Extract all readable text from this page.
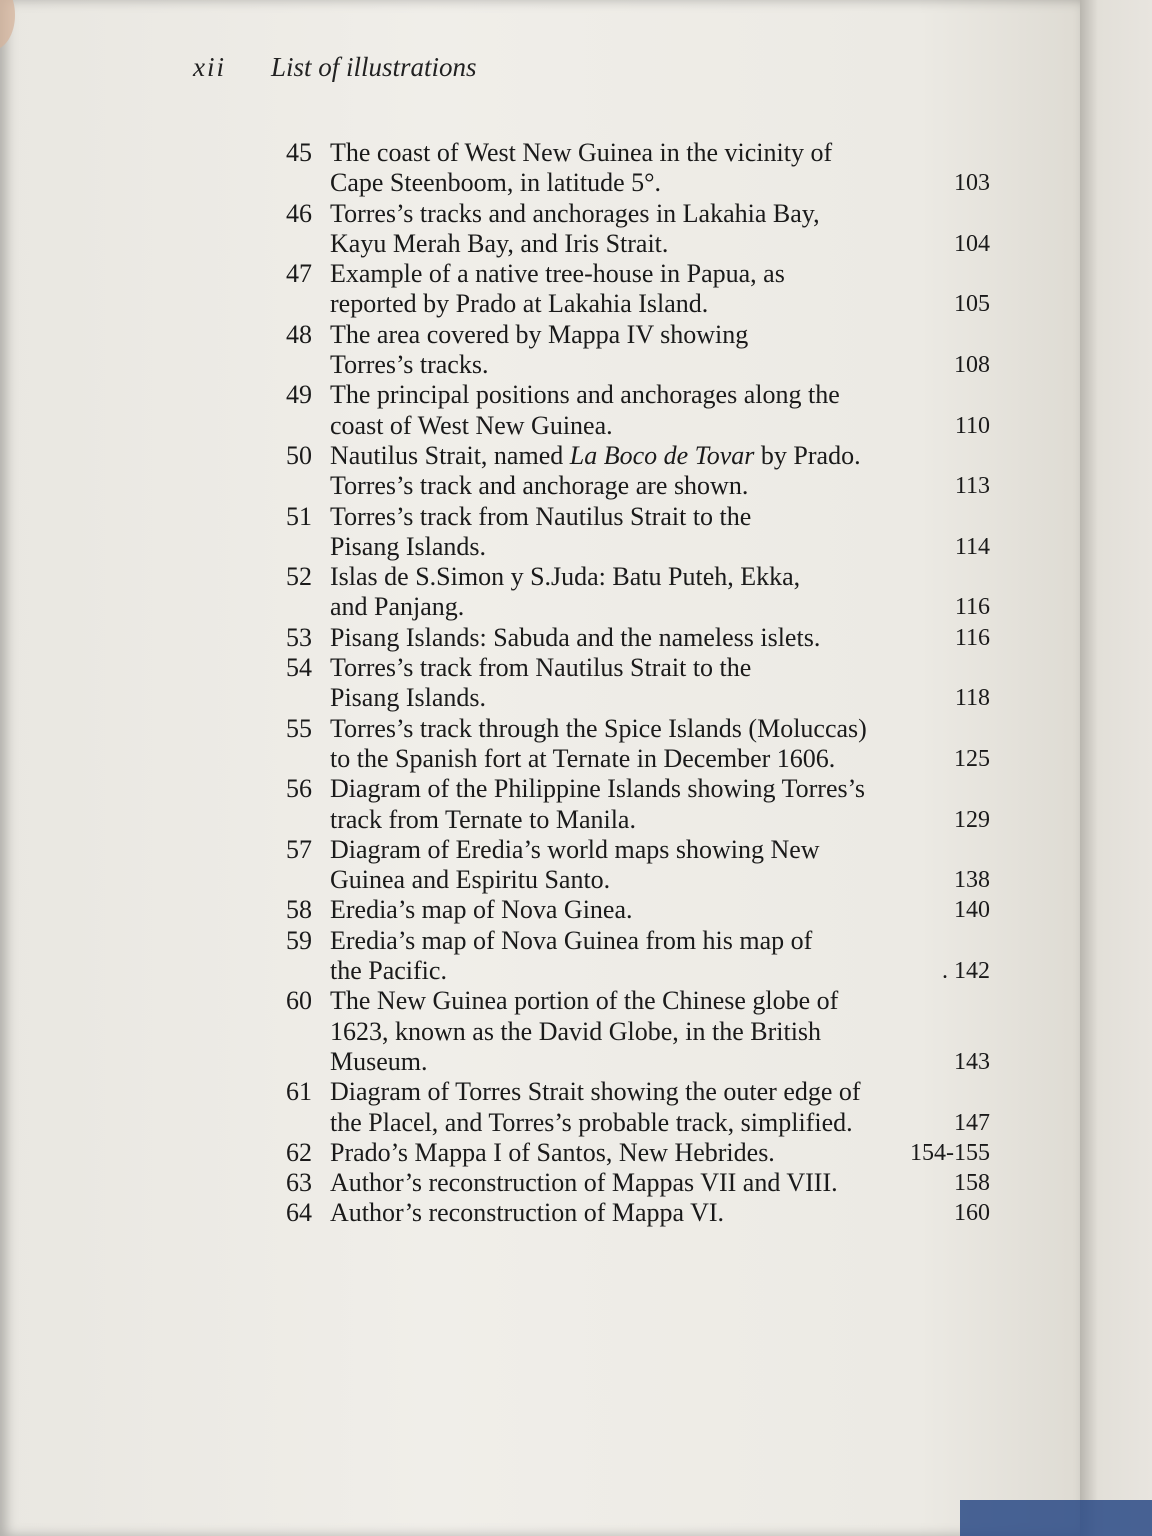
xii List of illustrations
45 The coast of West New Guinea in the vicinity of
Cape Steenboom, in latitude 5°.	103
46 Torres’s tracks and anchorages in Lakahia Bay,
Kayu Merah Bay, and Iris Strait.	104
47 Example of a native tree-house in Papua, as
reported by Prado at Lakahia Island.	105
48 The area covered by Mappa IV showing
Torres’s tracks.	108
49 The principal positions and anchorages along the
coast of West New Guinea.	110
50 Nautilus Strait, named La Boco de Tovar by Prado.
Torres’s track and anchorage are shown.	113
51 Torres’s track from Nautilus Strait to the
Pisang Islands.	114
52 Islas de S.Simon y S.Juda: Batu Puteh, Ekka,
and Panjang.	116
53 Pisang Islands: Sabuda and the nameless islets.	116
54 Torres’s track from Nautilus Strait to the
Pisang Islands.	118
55 Torres’s track through the Spice Islands (Moluccas)
to the Spanish fort at Ternate in December 1606.	125
56 Diagram of the Philippine Islands showing Torres’s
track from Ternate to Manila.	129
57 Diagram of Eredia’s world maps showing New
Guinea and Espiritu Santo.	138
58 Eredia’s map of Nova Ginea.	140
59 Eredia’s map of Nova Guinea from his map of
the Pacific.	. 142
60 The New Guinea portion of the Chinese globe of
1623, known as the David Globe, in the British
Museum.	143
61 Diagram of Torres Strait showing the outer edge of
the Placel, and Torres’s probable track, simplified.	147
62 Prado’s Mappa I of Santos, New Hebrides.	154-155
63 Author’s reconstruction of Mappas VII and VIII.	158
64 Author’s reconstruction of Mappa VI.	160
